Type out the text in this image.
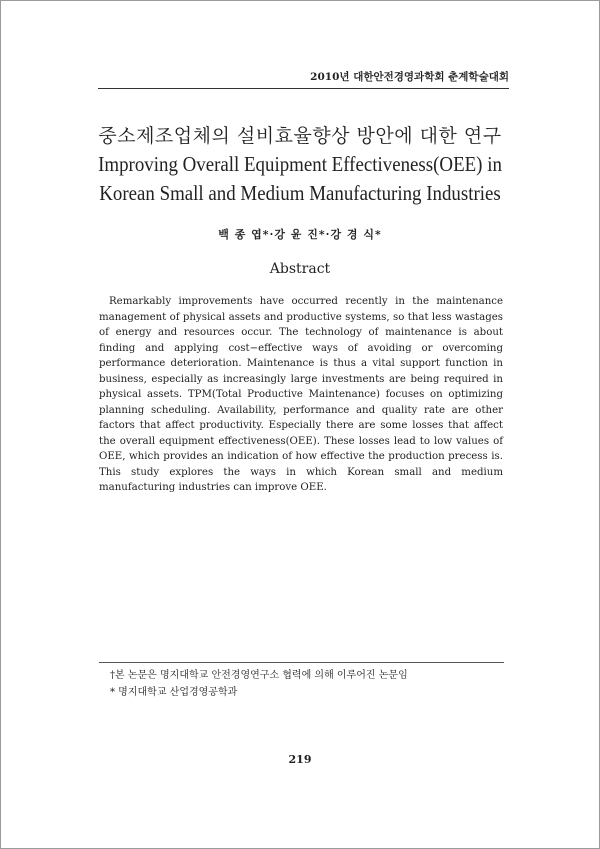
2010년 대한안전경영과학회 춘계학술대회
중소제조업체의 설비효율향상 방안에 대한 연구
Improving Overall Equipment Effectiveness(OEE) in
Korean Small and Medium Manufacturing Industries
백 종 엽*·강 윤 진*·강 경 식*
Abstract
Remarkably improvements have occurred recently in the maintenance management of physical assets and productive systems, so that less wastages of energy and resources occur. The technology of maintenance is about finding and applying cost−effective ways of avoiding or overcoming performance deterioration. Maintenance is thus a vital support function in business, especially as increasingly large investments are being required in physical assets. TPM(Total Productive Maintenance) focuses on optimizing planning scheduling. Availability, performance and quality rate are other factors that affect productivity. Especially there are some losses that affect the overall equipment effectiveness(OEE). These losses lead to low values of OEE, which provides an indication of how effective the production precess is. This study explores the ways in which Korean small and medium manufacturing industries can improve OEE.
†본 논문은 명지대학교 안전경영연구소 협력에 의해 이루어진 논문임
* 명지대학교 산업경영공학과
219
